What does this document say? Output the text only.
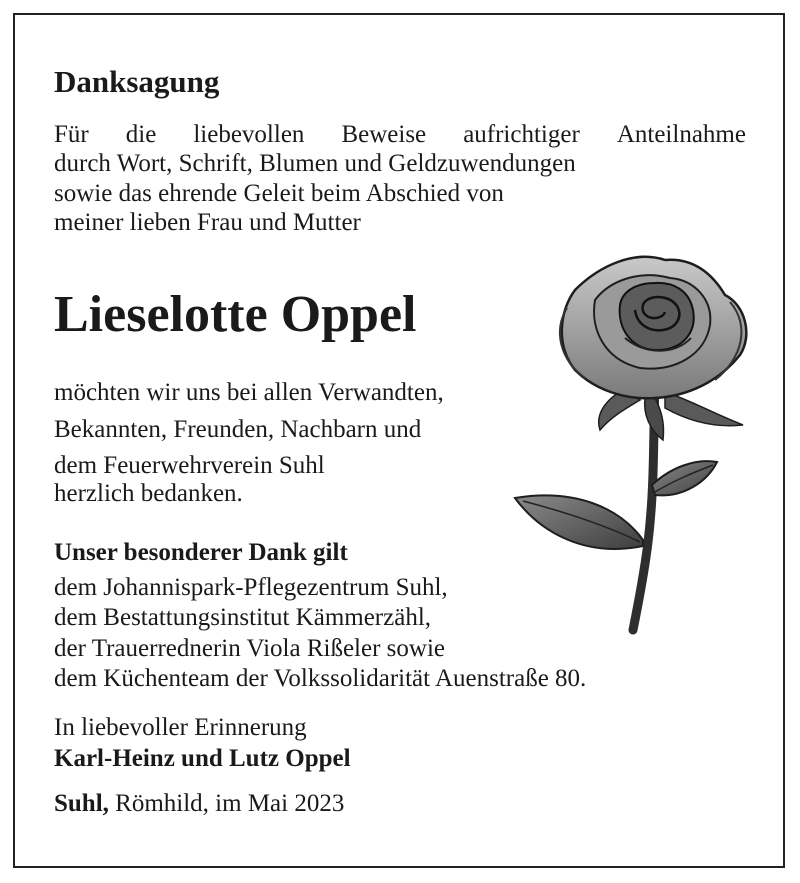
Danksagung
Für die liebevollen Beweise aufrichtiger Anteilnahme
durch Wort, Schrift, Blumen und Geldzuwendungen
sowie das ehrende Geleit beim Abschied von
meiner lieben Frau und Mutter
Lieselotte Oppel
möchten wir uns bei allen Verwandten,
Bekannten, Freunden, Nachbarn und
dem Feuerwehrverein Suhl
herzlich bedanken.
Unser besonderer Dank gilt
dem Johannispark-Pflegezentrum Suhl,
dem Bestattungsinstitut Kämmerzähl,
der Trauerrednerin Viola Rißeler sowie
dem Küchenteam der Volkssolidarität Auenstraße 80.
In liebevoller Erinnerung
Karl-Heinz und Lutz Oppel
Suhl, Römhild, im Mai 2023
